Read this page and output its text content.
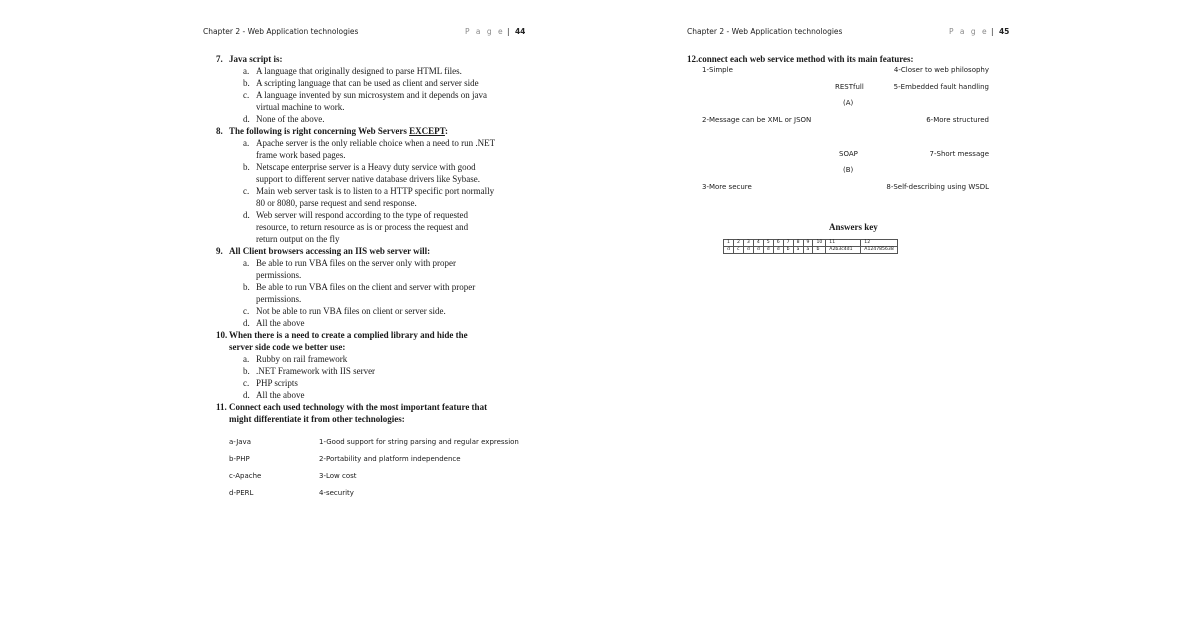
Chapter 2 - Web Application technologies	P a g e | 44
7. Java script is:
a. A language that originally designed to parse HTML files.
b. A scripting language that can be used as client and server side
c. A language invented by sun microsystem and it depends on java
virtual machine to work.
d. None of the above.
8. The following is right concerning Web Servers EXCEPT:
a. Apache server is the only reliable choice when a need to run .NET
frame work based pages.
b. Netscape enterprise server is a Heavy duty service with good
support to different server native database drivers like Sybase.
c. Main web server task is to listen to a HTTP specific port normally
80 or 8080, parse request and send response.
d. Web server will respond according to the type of requested
resource, to return resource as is or process the request and
return output on the fly
9. All Client browsers accessing an IIS web server will:
a. Be able to run VBA files on the server only with proper
permissions.
b. Be able to run VBA files on the client and server with proper
permissions.
c. Not be able to run VBA files on client or server side.
d. All the above
10. When there is a need to create a complied library and hide the
server side code we better use:
a. Rubby on rail framework
b. .NET Framework with IIS server
c. PHP scripts
d. All the above
11. Connect each used technology with the most important feature that
might differentiate it from other technologies:
a-Java	1-Good support for string parsing and regular expression
b-PHP	2-Portability and platform independence
c-Apache	3-Low cost
d-PERL	4-security
Chapter 2 - Web Application technologies	P a g e | 45
12.connect each web service method with its main features:
1-Simple	4-Closer to web philosophy
RESTfull	5-Embedded fault handling
(A)
2-Message can be XML or JSON	6-More structured
SOAP	7-Short message
(B)
3-More secure	8-Self-describing using WSDL
Answers key
1	2	3	4	5	6	7	8	9	10	11	12
d	c	d	d	d	d	b	a	a	b	A2b3c4d1	A124785638
